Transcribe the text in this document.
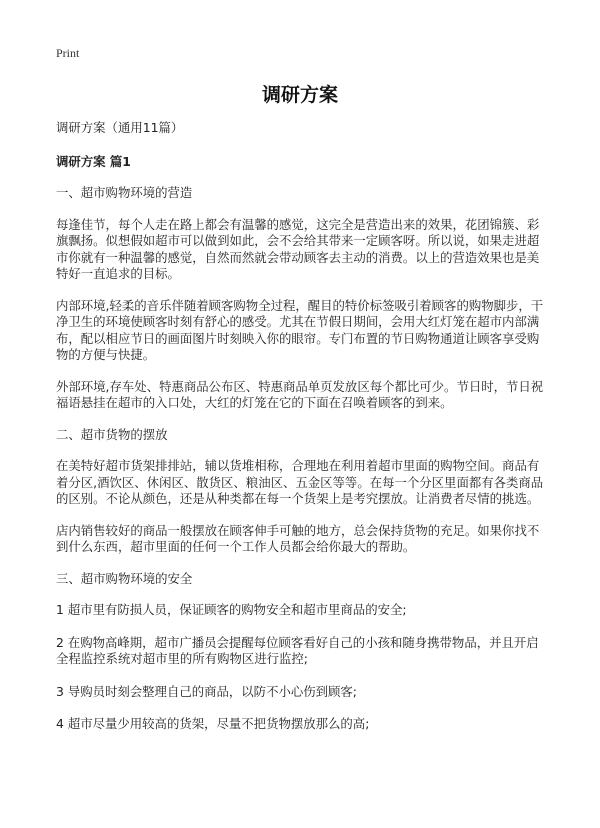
Print
调研方案

调研方案（通用11篇）

调研方案 篇1

一、超市购物环境的营造

每逢佳节，每个人走在路上都会有温馨的感觉，这完全是营造出来的效果，花团锦簇、彩旗飘扬。似想假如超市可以做到如此，会不会给其带来一定顾客呀。所以说，如果走进超市你就有一种温馨的感觉，自然而然就会带动顾客去主动的消费。以上的营造效果也是美特好一直追求的目标。

内部环境,轻柔的音乐伴随着顾客购物全过程，醒目的特价标签吸引着顾客的购物脚步，干净卫生的环境使顾客时刻有舒心的感受。尤其在节假日期间，会用大红灯笼在超市内部满布，配以相应节日的画面图片时刻映入你的眼帘。专门布置的节日购物通道让顾客享受购物的方便与快捷。

外部环境,存车处、特惠商品公布区、特惠商品单页发放区每个都比可少。节日时，节日祝福语悬挂在超市的入口处，大红的灯笼在它的下面在召唤着顾客的到来。

二、超市货物的摆放

在美特好超市货架排排站，辅以货堆相称，合理地在利用着超市里面的购物空间。商品有着分区,酒饮区、休闲区、散货区、粮油区、五金区等等。在每一个分区里面都有各类商品的区别。不论从颜色，还是从种类都在每一个货架上是考究摆放。让消费者尽情的挑选。

店内销售较好的商品一般摆放在顾客伸手可触的地方，总会保持货物的充足。如果你找不到什么东西，超市里面的任何一个工作人员都会给你最大的帮助。

三、超市购物环境的安全

1 超市里有防损人员，保证顾客的购物安全和超市里商品的安全;

2 在购物高峰期，超市广播员会提醒每位顾客看好自己的小孩和随身携带物品，并且开启全程监控系统对超市里的所有购物区进行监控;

3 导购员时刻会整理自己的商品，以防不小心伤到顾客;

4 超市尽量少用较高的货架，尽量不把货物摆放那么的高;
